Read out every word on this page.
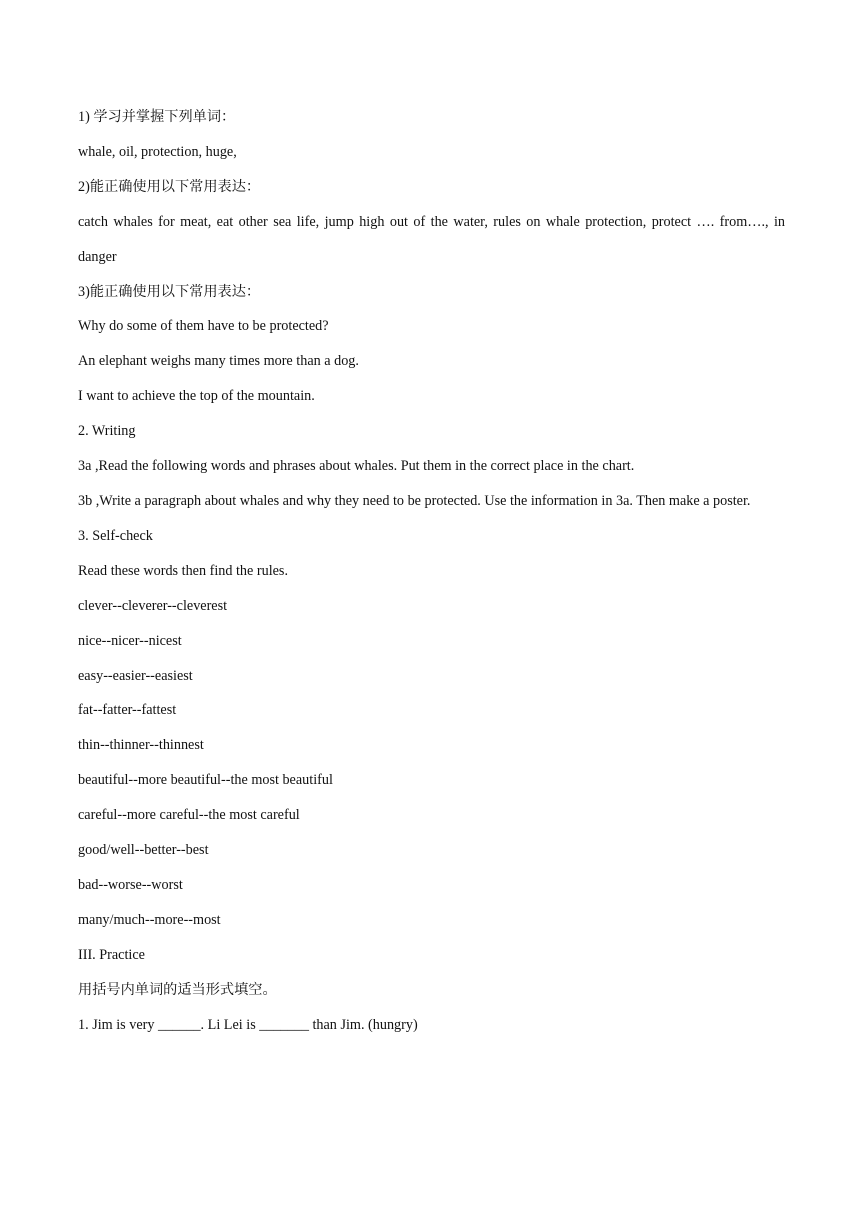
1) 学习并掌握下列单词：
whale, oil, protection, huge,
2)能正确使用以下常用表达：
catch whales for meat, eat other sea life, jump high out of the water, rules on whale protection, protect …. from…., in danger
3)能正确使用以下常用表达：
Why do some of them have to be protected?
An elephant weighs many times more than a dog.
I want to achieve the top of the mountain.
2. Writing
3a ,Read the following words and phrases about whales. Put them in the correct place in the chart.
3b ,Write a paragraph about whales and why they need to be protected. Use the information in 3a. Then make a poster.
3. Self-check
Read these words then find the rules.
clever--cleverer--cleverest
nice--nicer--nicest
easy--easier--easiest
fat--fatter--fattest
thin--thinner--thinnest
beautiful--more beautiful--the most beautiful
careful--more careful--the most careful
good/well--better--best
bad--worse--worst
many/much--more--most
III. Practice
用括号内单词的适当形式填空。
1. Jim is very ______. Li Lei is _______ than Jim. (hungry)
